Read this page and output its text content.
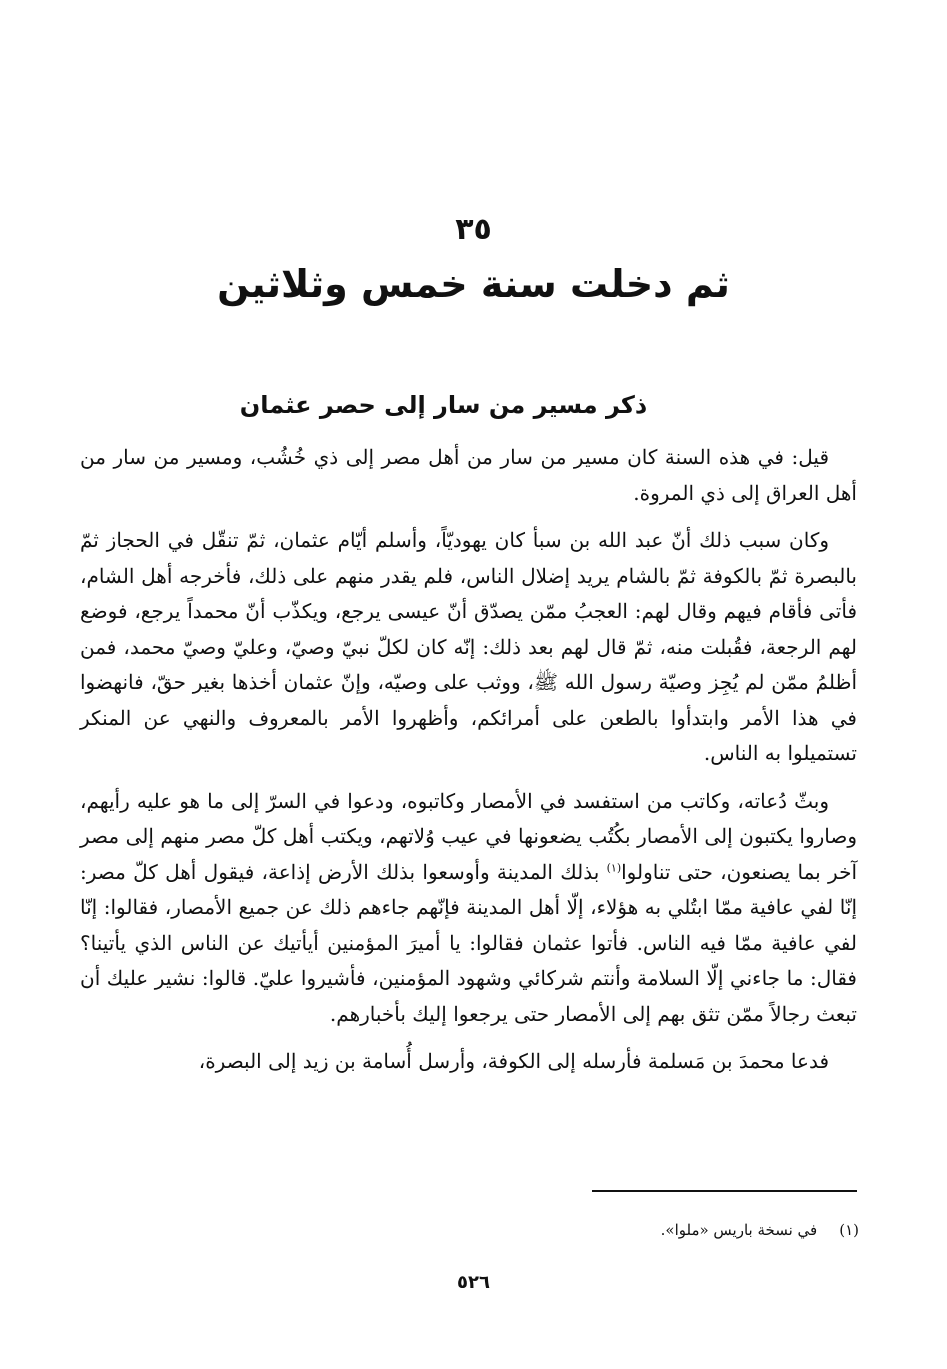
٣٥
ثم دخلت سنة خمس وثلاثين
ذكر مسير من سار إلى حصر عثمان

قيل: في هذه السنة كان مسير من سار من أهل مصر إلى ذي خُشُب، ومسير من سار من أهل العراق إلى ذي المروة.

وكان سبب ذلك أنّ عبد الله بن سبأ كان يهوديّاً، وأسلم أيّام عثمان، ثمّ تنقّل في الحجاز ثمّ بالبصرة ثمّ بالكوفة ثمّ بالشام يريد إضلال الناس، فلم يقدر منهم على ذلك، فأخرجه أهل الشام، فأتى فأقام فيهم وقال لهم: العجبُ ممّن يصدّق أنّ عيسى يرجع، ويكذّب أنّ محمداً يرجع، فوضع لهم الرجعة، فقُبلت منه، ثمّ قال لهم بعد ذلك: إنّه كان لكلّ نبيّ وصيّ، وعليّ وصيّ محمد، فمن أظلمُ ممّن لم يُجِز وصيّة رسول الله ﷺ، ووثب على وصيّه، وإنّ عثمان أخذها بغير حقّ، فانهضوا في هذا الأمر وابتدأوا بالطعن على أمرائكم، وأظهروا الأمر بالمعروف والنهي عن المنكر تستميلوا به الناس.

وبثّ دُعاته، وكاتب من استفسد في الأمصار وكاتبوه، ودعوا في السرّ إلى ما هو عليه رأيهم، وصاروا يكتبون إلى الأمصار بكُتُب يضعونها في عيب وُلاتهم، ويكتب أهل كلّ مصر منهم إلى مصر آخر بما يصنعون، حتى تناولوا$^{(١)}$ بذلك المدينة وأوسعوا بذلك الأرض إذاعة، فيقول أهل كلّ مصر: إنّا لفي عافية ممّا ابتُلي به هؤلاء، إلّا أهل المدينة فإنّهم جاءهم ذلك عن جميع الأمصار، فقالوا: إنّا لفي عافية ممّا فيه الناس. فأتوا عثمان فقالوا: يا أميرَ المؤمنين أيأتيك عن الناس الذي يأتينا؟ فقال: ما جاءني إلّا السلامة وأنتم شركائي وشهود المؤمنين، فأشيروا عليّ. قالوا: نشير عليك أن تبعث رجالاً ممّن تثق بهم إلى الأمصار حتى يرجعوا إليك بأخبارهم.

فدعا محمدَ بن مَسلمة فأرسله إلى الكوفة، وأرسل أُسامة بن زيد إلى البصرة،

(١)في نسخة باريس «ملوا».
٥٢٦
